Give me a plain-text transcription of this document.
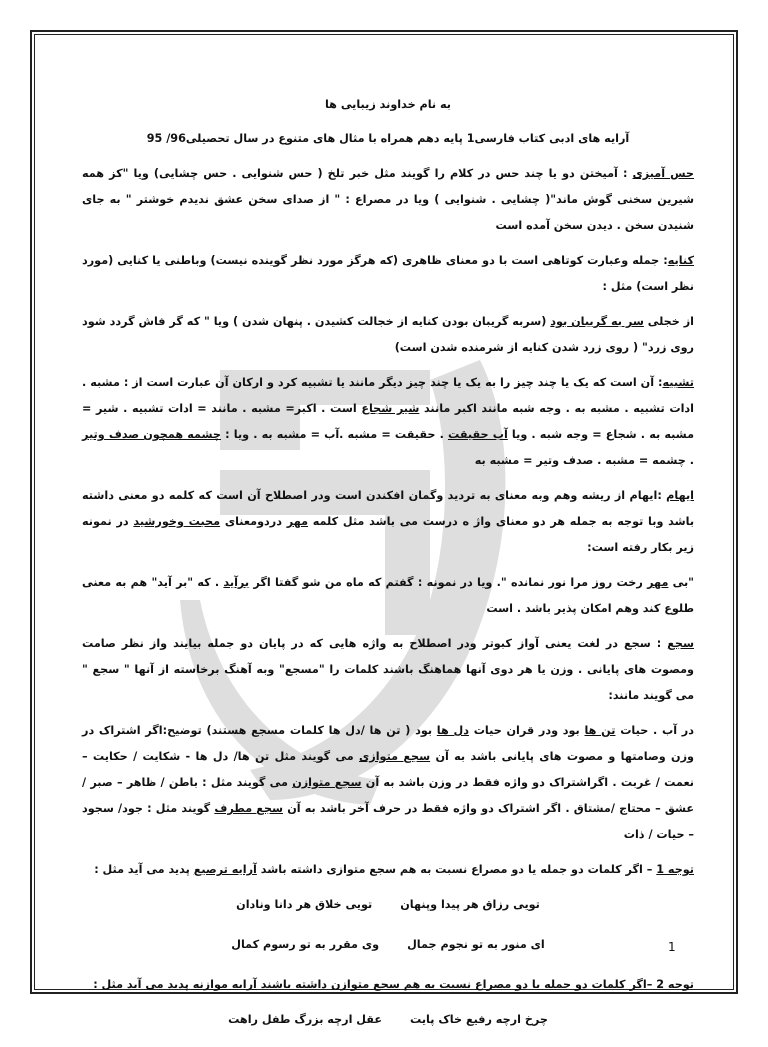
به نام خداوند زیبایی ها

آرایه های ادبی کتاب فارسی1 پایه دهم همراه با مثال های متنوع در سال تحصیلی96/ 95

حس آمیزی : آمیختن دو یا چند حس در کلام را گویند مثل خبر تلخ ( حس شنوایی . حس چشایی) ویا "کز همه شیرین سخنی گوش ماند"( چشایی . شنوایی ) ویا در مصراع : " از صدای سخن عشق ندیدم خوشتر " به جای شنیدن سخن . دیدن سخن آمده است

کنایه: جمله وعبارت کوتاهی است با دو معنای ظاهری (که هرگز مورد نظر گوینده نیست) وباطنی یا کنایی (مورد نظر است) مثل :

از خجلی سر به گریبان بود (سربه گریبان بودن کنایه از خجالت کشیدن . پنهان شدن ) ویا " که گر فاش گردد شود روی زرد" ( روی زرد شدن کنایه از شرمنده شدن است)

تشبیه: آن است که یک یا چند چیز را به یک یا چند چیز دیگر مانند یا تشبیه کرد و ارکان آن عبارت است از : مشبه . ادات تشبیه . مشبه به . وجه شبه مانند اکبر مانند شیر شجاع است . اکبر= مشبه . مانند = ادات تشبیه . شیر = مشبه به . شجاع = وجه شبه . ویا آب حقیقت . حقیقت = مشبه .آب = مشبه به . ویا : چشمه همچون صدف وتیر . چشمه = مشبه . صدف وتیر = مشبه به

ایهام :ایهام از ریشه وهم وبه معنای به تردید وگمان افکندن است ودر اصطلاح آن است که کلمه دو معنی داشته باشد وبا توجه به جمله هر دو معنای واژ ه درست می باشد مثل کلمه مهر دردومعنای محبت وخورشید در نمونه زیر بکار رفته است:

"بی مهر رخت روز مرا نور نمانده ". ویا در نمونه : گفتم که ماه من شو گفتا اگر برآید . که "بر آید" هم به معنی طلوع کند وهم امکان پذیر باشد . است

سجع : سجع در لغت یعنی آواز کبوتر ودر اصطلاح به واژه هایی که در پایان دو جمله بیایند واز نظر صامت ومصوت های پایانی . وزن یا هر دوی آنها هماهنگ باشند کلمات را "مسجع" وبه آهنگ برخاسته از آنها " سجع " می گویند مانند:

در آب . حیات تن ها بود ودر قران حیات دل ها بود ( تن ها /دل ها کلمات مسجع هستند) توضیح:اگر اشتراک در وزن وصامتها و مصوت های پایانی باشد به آن سجع متوازی می گویند مثل تن ها/ دل ها - شکایت / حکایت – نعمت / غربت . اگراشتراک دو واژه فقط در وزن باشد به آن سجع متوازن می گویند مثل : باطن / ظاهر – صبر / عشق – محتاج /مشتاق . اگر اشتراک دو واژه فقط در حرف آخر باشد به آن سجع مطرف گویند مثل : جود/ سجود – حیات / ذات

توجه 1 – اگر کلمات دو جمله یا دو مصراع نسبت به هم سجع متوازی داشته باشد آرایه ترصیع پدید می آید مثل :

تویی رزاق هر پیدا وپنهان
تویی خلاق هر دانا ونادان
ای منور به تو نجوم جمال
وی مقرر به تو رسوم کمال

توجه 2 –اگر کلمات دو جمله یا دو مصراع نسبت به هم سجع متوازن داشته باشند آرایه موازنه پدید می آید مثل :

چرخ ارچه رفیع خاک پایت
عقل ارچه بزرگ طفل راهت
1
